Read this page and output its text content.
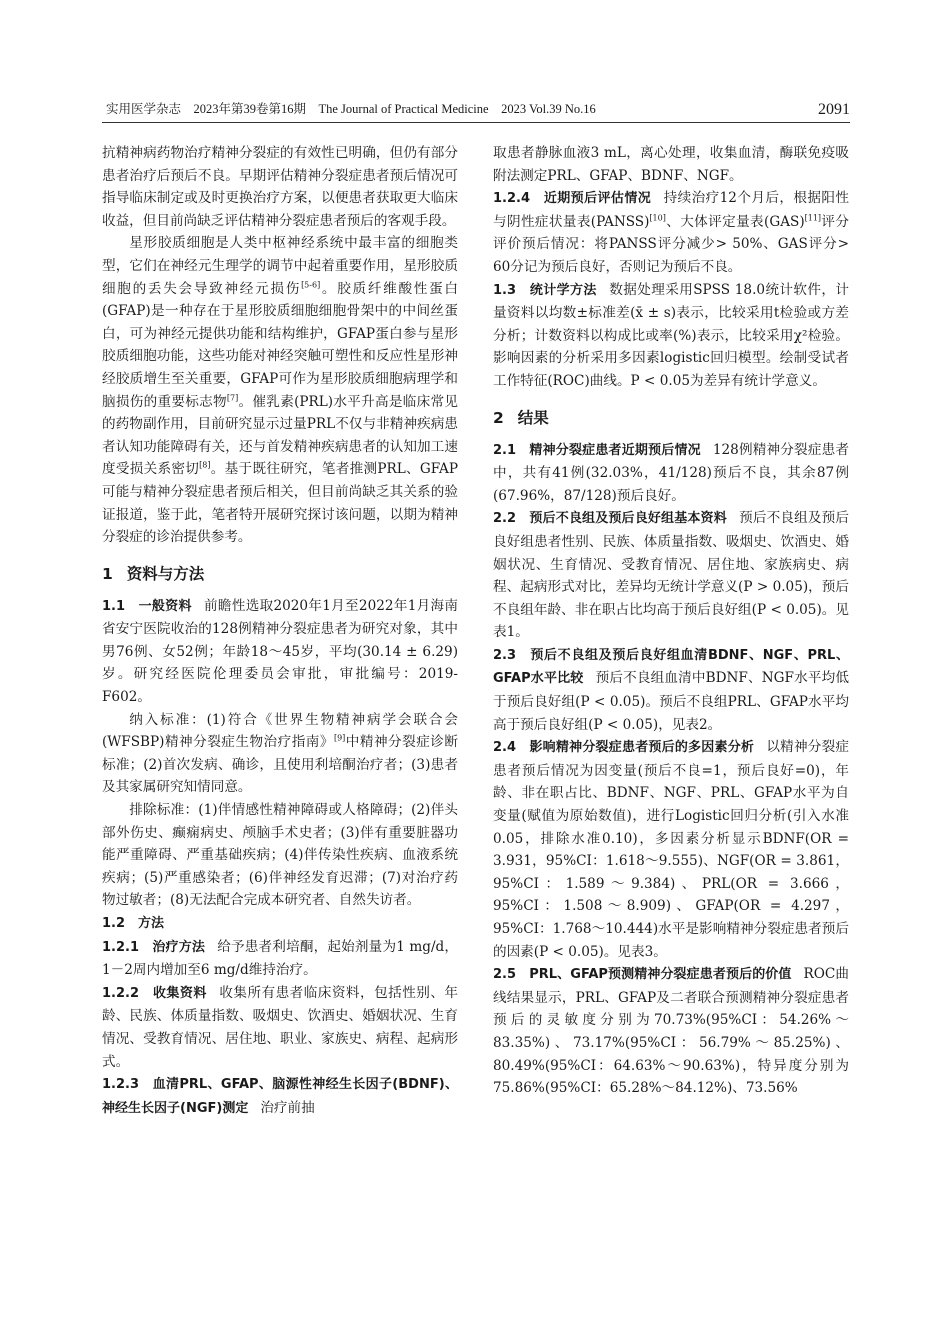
实用医学杂志　2023年第39卷第16期　The Journal of Practical Medicine　2023 Vol.39 No.16	2091

抗精神病药物治疗精神分裂症的有效性已明确，但仍有部分患者治疗后预后不良。早期评估精神分裂症患者预后情况可指导临床制定或及时更换治疗方案，以便患者获取更大临床收益，但目前尚缺乏评估精神分裂症患者预后的客观手段。

星形胶质细胞是人类中枢神经系统中最丰富的细胞类型，它们在神经元生理学的调节中起着重要作用，星形胶质细胞的丢失会导致神经元损伤[5-6]。胶质纤维酸性蛋白(GFAP)是一种存在于星形胶质细胞细胞骨架中的中间丝蛋白，可为神经元提供功能和结构维护，GFAP蛋白参与星形胶质细胞功能，这些功能对神经突触可塑性和反应性星形神经胶质增生至关重要，GFAP可作为星形胶质细胞病理学和脑损伤的重要标志物[7]。催乳素(PRL)水平升高是临床常见的药物副作用，目前研究显示过量PRL不仅与非精神疾病患者认知功能障碍有关，还与首发精神疾病患者的认知加工速度受损关系密切[8]。基于既往研究，笔者推测PRL、GFAP可能与精神分裂症患者预后相关，但目前尚缺乏其关系的验证报道，鉴于此，笔者特开展研究探讨该问题，以期为精神分裂症的诊治提供参考。

1 资料与方法

1.1　一般资料 前瞻性选取2020年1月至2022年1月海南省安宁医院收治的128例精神分裂症患者为研究对象，其中男76例、女52例；年龄18～45岁，平均(30.14 ± 6.29)岁。研究经医院伦理委员会审批，审批编号：2019-F602。

纳入标准：(1)符合《世界生物精神病学会联合会(WFSBP)精神分裂症生物治疗指南》[9]中精神分裂症诊断标准；(2)首次发病、确诊，且使用利培酮治疗者；(3)患者及其家属研究知情同意。

排除标准：(1)伴情感性精神障碍或人格障碍；(2)伴头部外伤史、癫痫病史、颅脑手术史者；(3)伴有重要脏器功能严重障碍、严重基础疾病；(4)伴传染性疾病、血液系统疾病；(5)严重感染者；(6)伴神经发育迟滞；(7)对治疗药物过敏者；(8)无法配合完成本研究者、自然失访者。

1.2　方法

1.2.1　治疗方法 给予患者利培酮，起始剂量为1 mg/d，1－2周内增加至6 mg/d维持治疗。

1.2.2　收集资料 收集所有患者临床资料，包括性别、年龄、民族、体质量指数、吸烟史、饮酒史、婚姻状况、生育情况、受教育情况、居住地、职业、家族史、病程、起病形式。

1.2.3　血清PRL、GFAP、脑源性神经生长因子(BDNF)、神经生长因子(NGF)测定 治疗前抽

取患者静脉血液3 mL，离心处理，收集血清，酶联免疫吸附法测定PRL、GFAP、BDNF、NGF。

1.2.4　近期预后评估情况 持续治疗12个月后，根据阳性与阴性症状量表(PANSS)[10]、大体评定量表(GAS)[11]评分评价预后情况：将PANSS评分减少> 50%、GAS评分> 60分记为预后良好，否则记为预后不良。

1.3　统计学方法 数据处理采用SPSS 18.0统计软件，计量资料以均数±标准差(x̄ ± s)表示，比较采用t检验或方差分析；计数资料以构成比或率(%)表示，比较采用χ²检验。影响因素的分析采用多因素logistic回归模型。绘制受试者工作特征(ROC)曲线。P < 0.05为差异有统计学意义。

2 结果

2.1　精神分裂症患者近期预后情况 128例精神分裂症患者中，共有41例(32.03%，41/128)预后不良，其余87例(67.96%，87/128)预后良好。

2.2　预后不良组及预后良好组基本资料 预后不良组及预后良好组患者性别、民族、体质量指数、吸烟史、饮酒史、婚姻状况、生育情况、受教育情况、居住地、家族病史、病程、起病形式对比，差异均无统计学意义(P > 0.05)，预后不良组年龄、非在职占比均高于预后良好组(P < 0.05)。见表1。

2.3　预后不良组及预后良好组血清BDNF、NGF、PRL、GFAP水平比较 预后不良组血清中BDNF、NGF水平均低于预后良好组(P < 0.05)。预后不良组PRL、GFAP水平均高于预后良好组(P < 0.05)，见表2。

2.4　影响精神分裂症患者预后的多因素分析 以精神分裂症患者预后情况为因变量(预后不良=1，预后良好=0)，年龄、非在职占比、BDNF、NGF、PRL、GFAP水平为自变量(赋值为原始数值)，进行Logistic回归分析(引入水准0.05，排除水准0.10)，多因素分析显示BDNF(OR = 3.931，95%CI：1.618～9.555)、NGF(OR = 3.861，95%CI：1.589～9.384)、PRL(OR = 3.666，95%CI：1.508～8.909)、GFAP(OR = 4.297，95%CI：1.768～10.444)水平是影响精神分裂症患者预后的因素(P < 0.05)。见表3。

2.5　PRL、GFAP预测精神分裂症患者预后的价值 ROC曲线结果显示，PRL、GFAP及二者联合预测精神分裂症患者预后的灵敏度分别为70.73%(95%CI：54.26%～83.35%)、73.17%(95%CI：56.79%～85.25%)、80.49%(95%CI：64.63%～90.63%)，特异度分别为75.86%(95%CI：65.28%～84.12%)、73.56%
